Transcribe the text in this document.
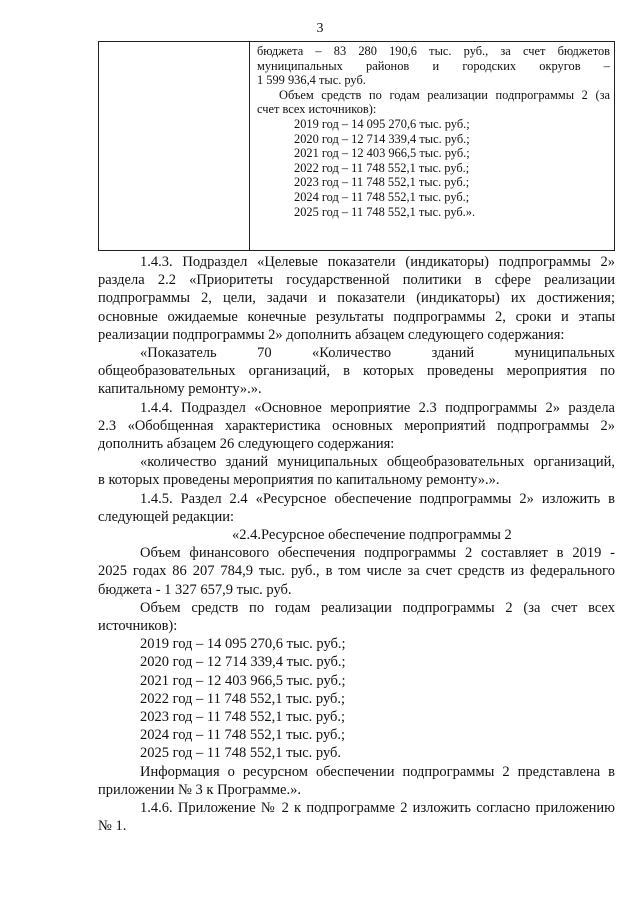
3
бюджета – 83 280 190,6 тыс. руб., за счет бюджетов
муниципальных районов и городских округов –
1 599 936,4 тыс. руб.
Объем средств по годам реализации подпрограммы 2 (за
счет всех источников):
2019 год – 14 095 270,6 тыс. руб.;
2020 год – 12 714 339,4 тыс. руб.;
2021 год – 12 403 966,5 тыс. руб.;
2022 год – 11 748 552,1 тыс. руб.;
2023 год – 11 748 552,1 тыс. руб.;
2024 год – 11 748 552,1 тыс. руб.;
2025 год – 11 748 552,1 тыс. руб.».

1.4.3. Подраздел «Целевые показатели (индикаторы) подпрограммы 2»
раздела 2.2 «Приоритеты государственной политики в сфере реализации
подпрограммы 2, цели, задачи и показатели (индикаторы) их достижения;
основные ожидаемые конечные результаты подпрограммы 2, сроки и этапы
реализации подпрограммы 2» дополнить абзацем следующего содержания:

«Показатель 70 «Количество зданий муниципальных
общеобразовательных организаций, в которых проведены мероприятия по
капитальному ремонту».».

1.4.4. Подраздел «Основное мероприятие 2.3 подпрограммы 2» раздела
2.3 «Обобщенная характеристика основных мероприятий подпрограммы 2»
дополнить абзацем 26 следующего содержания:

«количество зданий муниципальных общеобразовательных организаций,
в которых проведены мероприятия по капитальному ремонту».».

1.4.5. Раздел 2.4 «Ресурсное обеспечение подпрограммы 2» изложить в
следующей редакции:

«2.4.Ресурсное обеспечение подпрограммы 2

Объем финансового обеспечения подпрограммы 2 составляет в 2019 -
2025 годах 86 207 784,9 тыс. руб., в том числе за счет средств из федерального
бюджета - 1 327 657,9 тыс. руб.

Объем средств по годам реализации подпрограммы 2 (за счет всех
источников):

2019 год – 14 095 270,6 тыс. руб.;
2020 год – 12 714 339,4 тыс. руб.;
2021 год – 12 403 966,5 тыс. руб.;
2022 год – 11 748 552,1 тыс. руб.;
2023 год – 11 748 552,1 тыс. руб.;
2024 год – 11 748 552,1 тыс. руб.;
2025 год – 11 748 552,1 тыс. руб.

Информация о ресурсном обеспечении подпрограммы 2 представлена в
приложении № 3 к Программе.».

1.4.6. Приложение № 2 к подпрограмме 2 изложить согласно приложению
№ 1.
